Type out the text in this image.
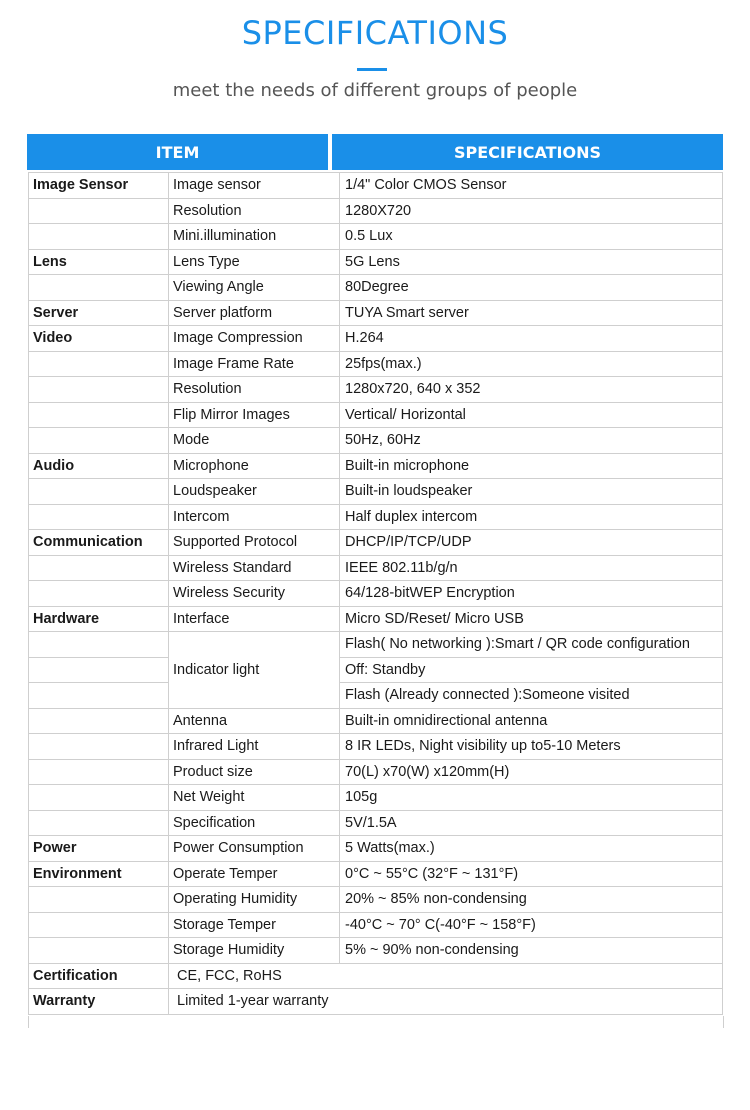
SPECIFICATIONS
meet the needs of different groups of people
ITEM	SPECIFICATIONS
Image Sensor	Image sensor	1/4" Color CMOS Sensor
	Resolution	1280X720
	Mini.illumination	0.5 Lux
Lens	Lens Type	5G Lens
	Viewing Angle	80Degree
Server	Server platform	TUYA Smart server
Video	Image Compression	H.264
	Image Frame Rate	25fps(max.)
	Resolution	1280x720, 640 x 352
	Flip Mirror Images	Vertical/ Horizontal
	Mode	50Hz, 60Hz
Audio	Microphone	Built-in microphone
	Loudspeaker	Built-in loudspeaker
	Intercom	Half duplex intercom
Communication	Supported Protocol	DHCP/IP/TCP/UDP
	Wireless Standard	IEEE 802.11b/g/n
	Wireless Security	64/128-bitWEP Encryption
Hardware	Interface	Micro SD/Reset/ Micro USB
	Indicator light	Flash( No networking ):Smart / QR code configuration
		Off: Standby
		Flash (Already connected ):Someone visited
	Antenna	Built-in omnidirectional antenna
	Infrared Light	8 IR LEDs, Night visibility up to5-10 Meters
	Product size	70(L) x70(W) x120mm(H)
	Net Weight	105g
	Specification	5V/1.5A
Power	Power Consumption	5 Watts(max.)
Environment	Operate Temper	0°C ~ 55°C (32°F ~ 131°F)
	Operating Humidity	20% ~ 85% non-condensing
	Storage Temper	-40°C ~ 70° C(-40°F ~ 158°F)
	Storage Humidity	5% ~ 90% non-condensing
Certification	CE, FCC, RoHS	
Warranty	Limited 1-year warranty	
